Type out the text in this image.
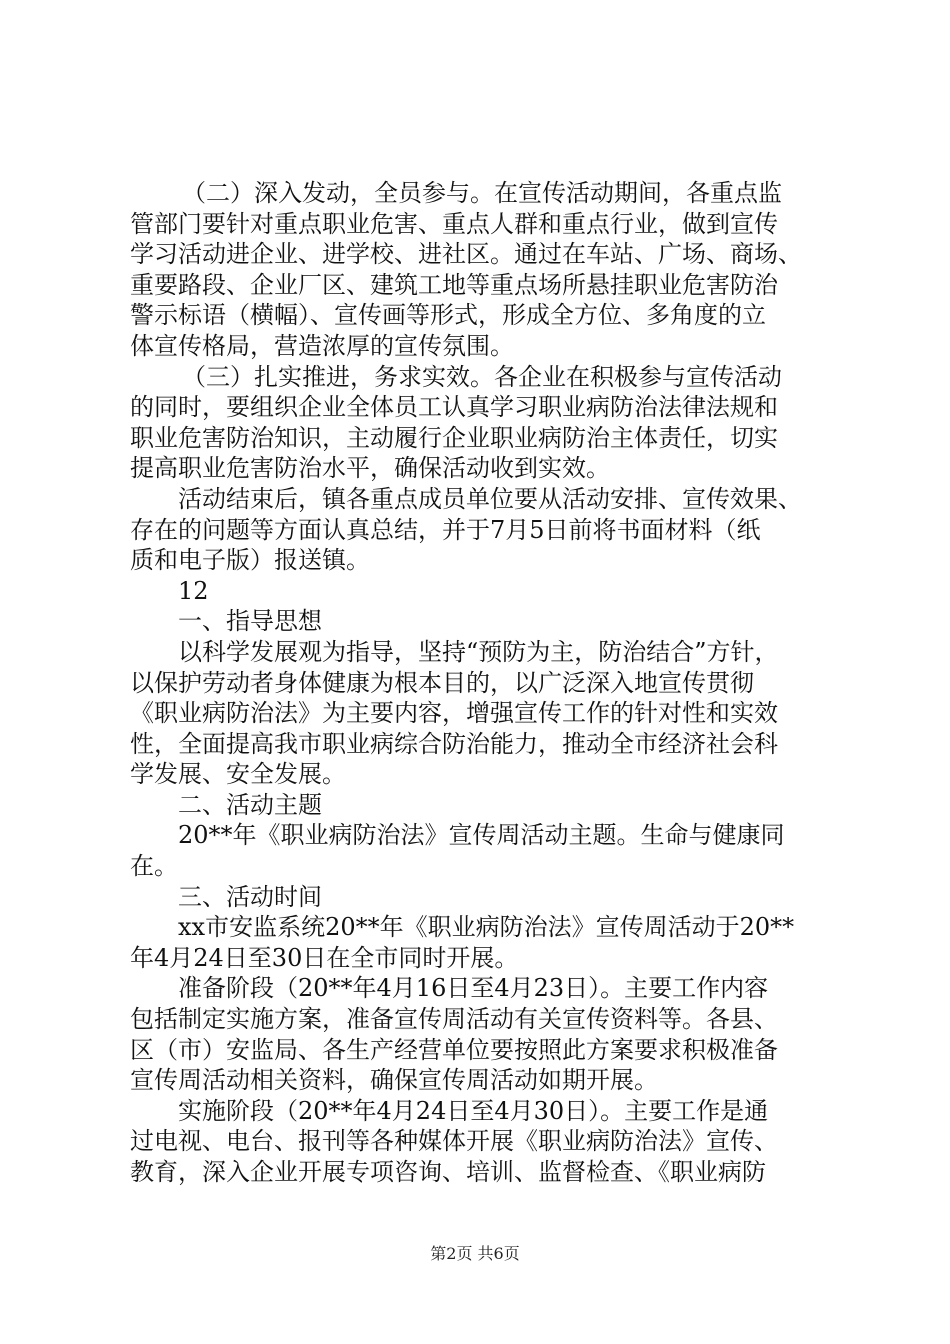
（二）深入发动，全员参与。在宣传活动期间，各重点监
管部门要针对重点职业危害、重点人群和重点行业，做到宣传
学习活动进企业、进学校、进社区。通过在车站、广场、商场、
重要路段、企业厂区、建筑工地等重点场所悬挂职业危害防治
警示标语（横幅）、宣传画等形式，形成全方位、多角度的立
体宣传格局，营造浓厚的宣传氛围。
（三）扎实推进，务求实效。各企业在积极参与宣传活动
的同时，要组织企业全体员工认真学习职业病防治法律法规和
职业危害防治知识，主动履行企业职业病防治主体责任，切实
提高职业危害防治水平，确保活动收到实效。
活动结束后，镇各重点成员单位要从活动安排、宣传效果、
存在的问题等方面认真总结，并于7月5日前将书面材料（纸
质和电子版）报送镇。
12
一、指导思想
以科学发展观为指导，坚持“预防为主，防治结合”方针，
以保护劳动者身体健康为根本目的，以广泛深入地宣传贯彻
《职业病防治法》为主要内容，增强宣传工作的针对性和实效
性，全面提高我市职业病综合防治能力，推动全市经济社会科
学发展、安全发展。
二、活动主题
20**年《职业病防治法》宣传周活动主题。生命与健康同
在。
三、活动时间
xx市安监系统20**年《职业病防治法》宣传周活动于20**
年4月24日至30日在全市同时开展。
准备阶段（20**年4月16日至4月23日）。主要工作内容
包括制定实施方案，准备宣传周活动有关宣传资料等。各县、
区（市）安监局、各生产经营单位要按照此方案要求积极准备
宣传周活动相关资料，确保宣传周活动如期开展。
实施阶段（20**年4月24日至4月30日）。主要工作是通
过电视、电台、报刊等各种媒体开展《职业病防治法》宣传、
教育，深入企业开展专项咨询、培训、监督检查、《职业病防
第2页 共6页
